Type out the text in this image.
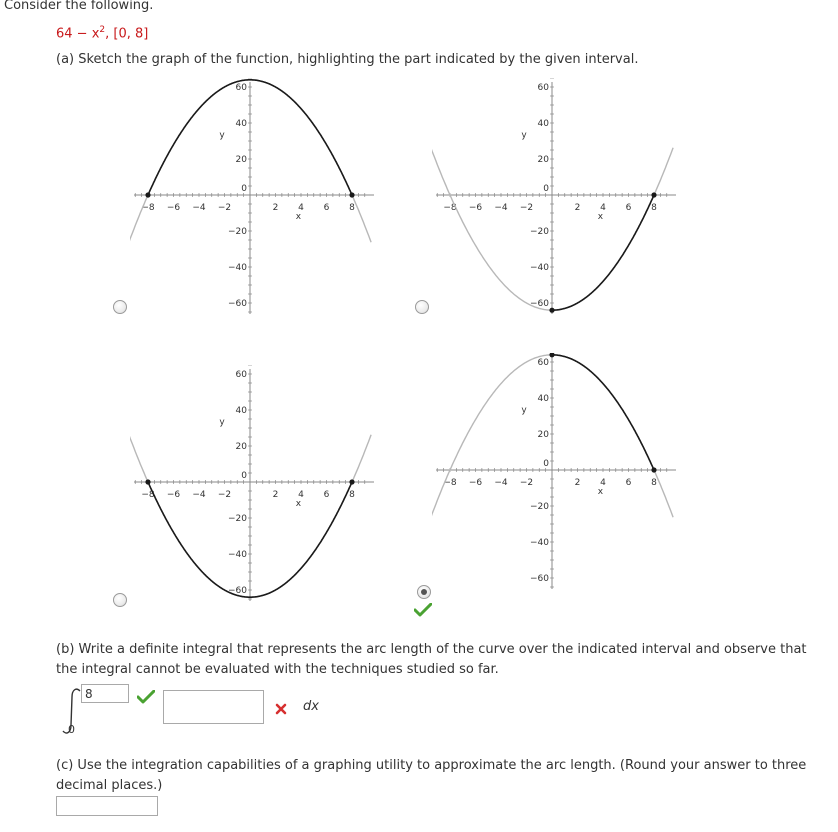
Consider the following.
$64 - x^2$, [0, 8]
(a) Sketch the graph of the function, highlighting the part indicated by the given interval.
−8 −6 −4 −2	2 4 6 8
−60
−40
−20
20
40
60
0
x
y
−8 −6 −4 −2	2 4 6 8
−60
−40
−20
20
40
60
0
x
y
−8 −6 −4 −2	2 4 6 8
−60
−40
−20
20
40
60
0
x
y
−8 −6 −4 −2	2 4 6 8
−60
−40
−20
20
40
60
0
x
y
(b) Write a definite integral that represents the arc length of the curve over the indicated interval and observe that
the integral cannot be evaluated with the techniques studied so far.
8
0
dx
(c) Use the integration capabilities of a graphing utility to approximate the arc length. (Round your answer to three
decimal places.)
